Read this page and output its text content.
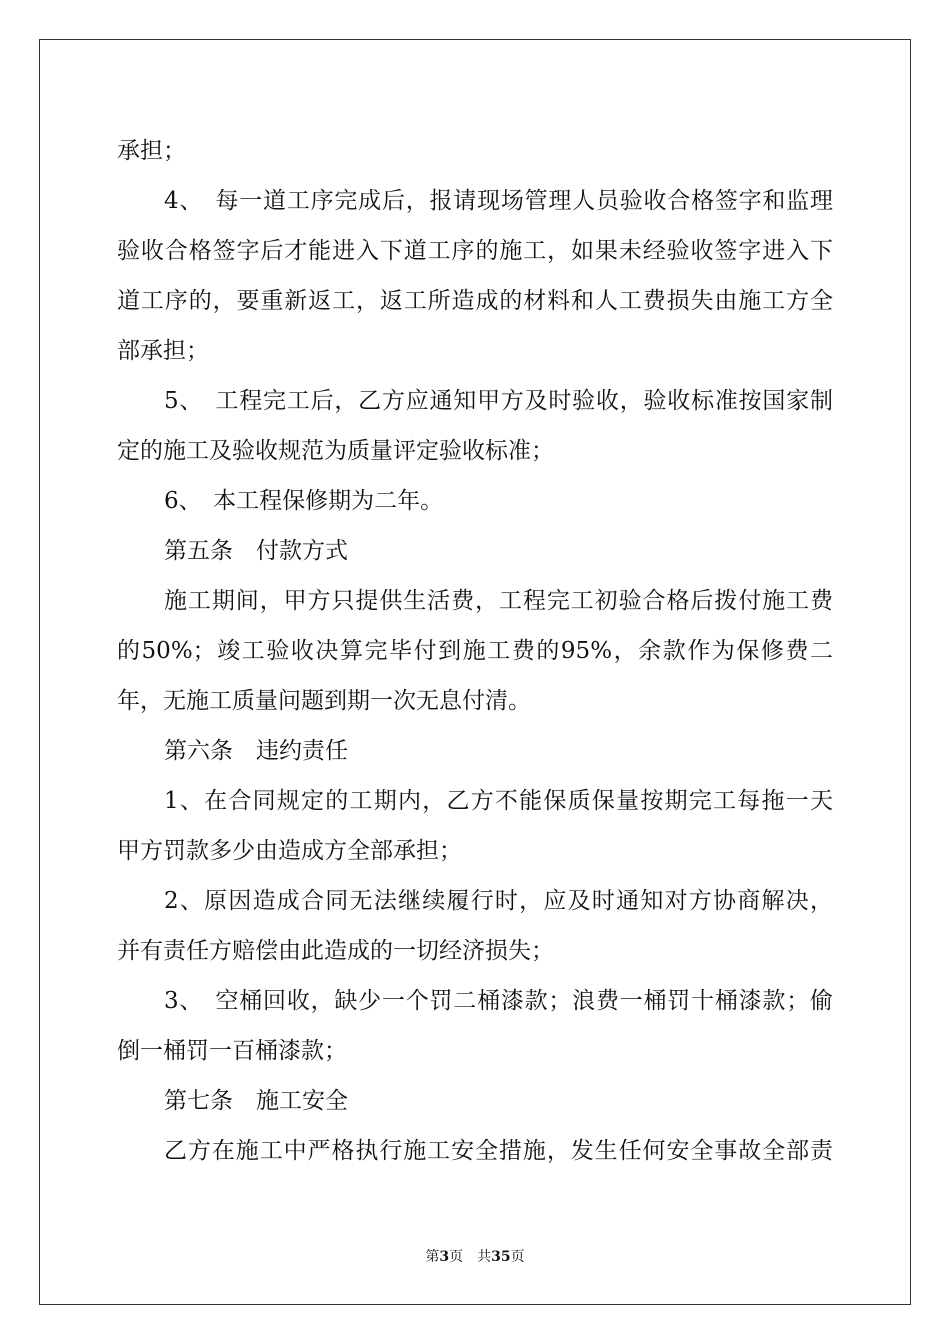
承担；
4、　每一道工序完成后，报请现场管理人员验收合格签字和监理
验收合格签字后才能进入下道工序的施工，如果未经验收签字进入下
道工序的，要重新返工，返工所造成的材料和人工费损失由施工方全
部承担；
5、　工程完工后，乙方应通知甲方及时验收，验收标准按国家制
定的施工及验收规范为质量评定验收标准；
6、　本工程保修期为二年。
第五条　付款方式
施工期间，甲方只提供生活费，工程完工初验合格后拨付施工费
的50%；竣工验收决算完毕付到施工费的95%，余款作为保修费二
年，无施工质量问题到期一次无息付清。
第六条　违约责任
1、在合同规定的工期内，乙方不能保质保量按期完工每拖一天
甲方罚款多少由造成方全部承担；
2、原因造成合同无法继续履行时，应及时通知对方协商解决，
并有责任方赔偿由此造成的一切经济损失；
3、　空桶回收，缺少一个罚二桶漆款；浪费一桶罚十桶漆款；偷
倒一桶罚一百桶漆款；
第七条　施工安全
乙方在施工中严格执行施工安全措施，发生任何安全事故全部责
第3页　共35页
